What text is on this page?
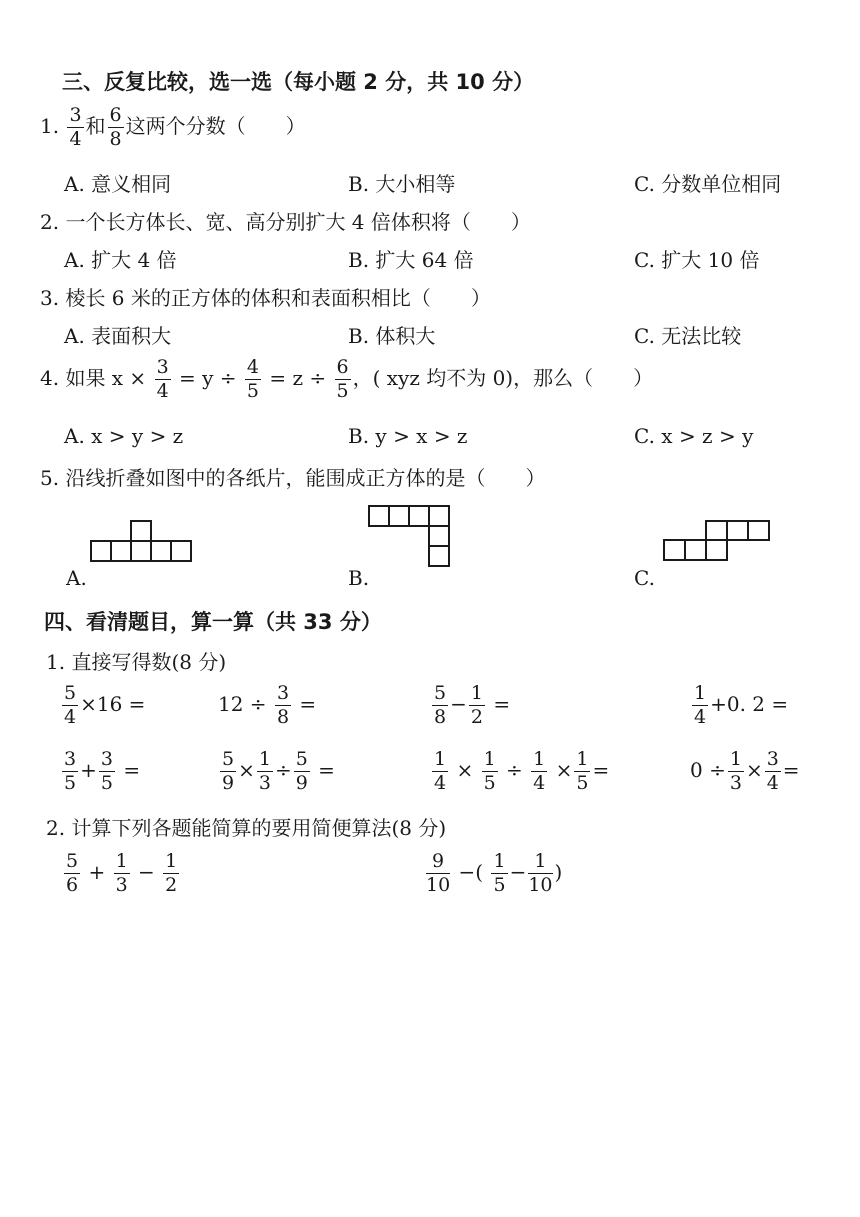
三、反复比较，选一选（每小题 2 分，共 10 分）
1. $\frac{3}{4}$ 和 $\frac{6}{8}$ 这两个分数（　　）
A. 意义相同	B. 大小相等	C. 分数单位相同
2. 一个长方体长、宽、高分别扩大 4 倍体积将（　　）
A. 扩大 4 倍	B. 扩大 64 倍	C. 扩大 10 倍
3. 棱长 6 米的正方体的体积和表面积相比（　　）
A. 表面积大	B. 体积大	C. 无法比较
4. 如果 $x \times \frac{3}{4} = y \div \frac{4}{5} = z \div \frac{6}{5}$ ，( xyz 均不为 0)，那么（　　）
A. x > y > z	B. y > x > z	C. x > z > y
5. 沿线折叠如图中的各纸片，能围成正方体的是（　　）
A.	B.	C.
四、看清题目，算一算（共 33 分）
1. 直接写得数(8 分)
$\frac{5}{4} \times 16$ =	$12 \div \frac{3}{8}$ =	$\frac{5}{8} - \frac{1}{2}$ =	$\frac{1}{4} +0$. 2 =
$\frac{3}{5} + \frac{3}{5}$ =	$\frac{5}{9} \times \frac{1}{3} \div \frac{5}{9}$ =	$\frac{1}{4} \times \frac{1}{5} \div \frac{1}{4} \times \frac{1}{5}$ =	$0 \div \frac{1}{3} \times \frac{3}{4}$ =
2. 计算下列各题能简算的要用简便算法(8 分)
$\frac{5}{6} + \frac{1}{3} - \frac{1}{2}$	$\frac{9}{10}$ −( $\frac{1}{5} - \frac{1}{10}$ )
